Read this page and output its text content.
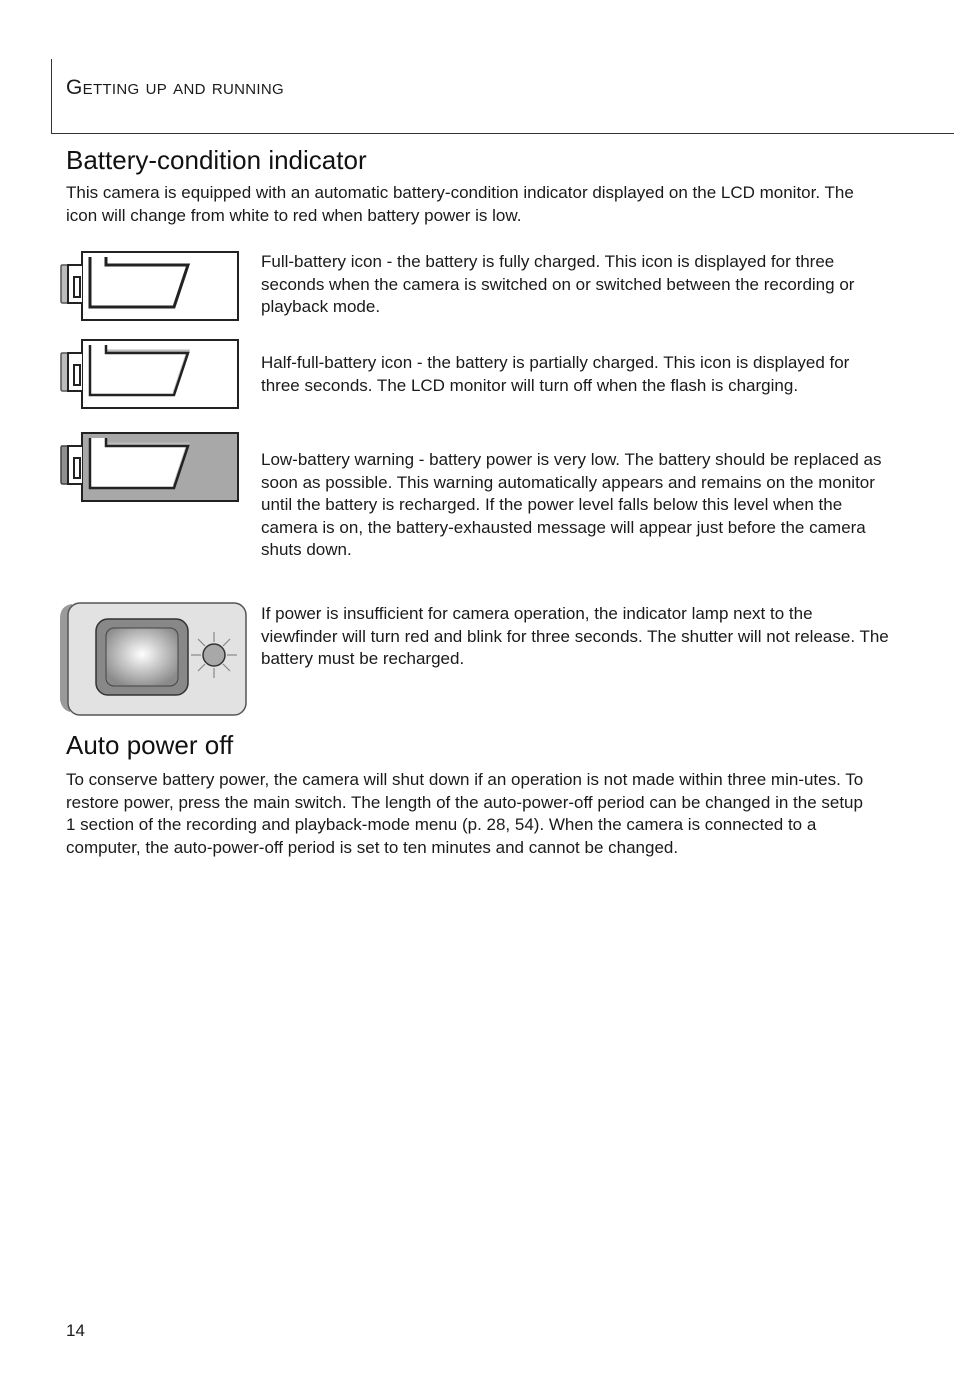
Getting up and running
Battery-condition indicator

This camera is equipped with an automatic battery-condition indicator displayed on the LCD monitor. The icon will change from white to red when battery power is low.

Full-battery icon - the battery is fully charged. This icon is displayed for three seconds when the camera is switched on or switched between the recording or playback mode.

Half-full-battery icon - the battery is partially charged. This icon is displayed for three seconds. The LCD monitor will turn off when the flash is charging.

Low-battery warning - battery power is very low. The battery should be replaced as soon as possible. This warning automatically appears and remains on the monitor until the battery is recharged. If the power level falls below this level when the camera is on, the battery-exhausted message will appear just before the camera shuts down.

If power is insufficient for camera operation, the indicator lamp next to the viewfinder will turn red and blink for three seconds. The shutter will not release. The battery must be recharged.

Auto power off

To conserve battery power, the camera will shut down if an operation is not made within three min-utes. To restore power, press the main switch. The length of the auto-power-off period can be changed in the setup 1 section of the recording and playback-mode menu (p. 28, 54). When the camera is connected to a computer, the auto-power-off period is set to ten minutes and cannot be changed.

14
